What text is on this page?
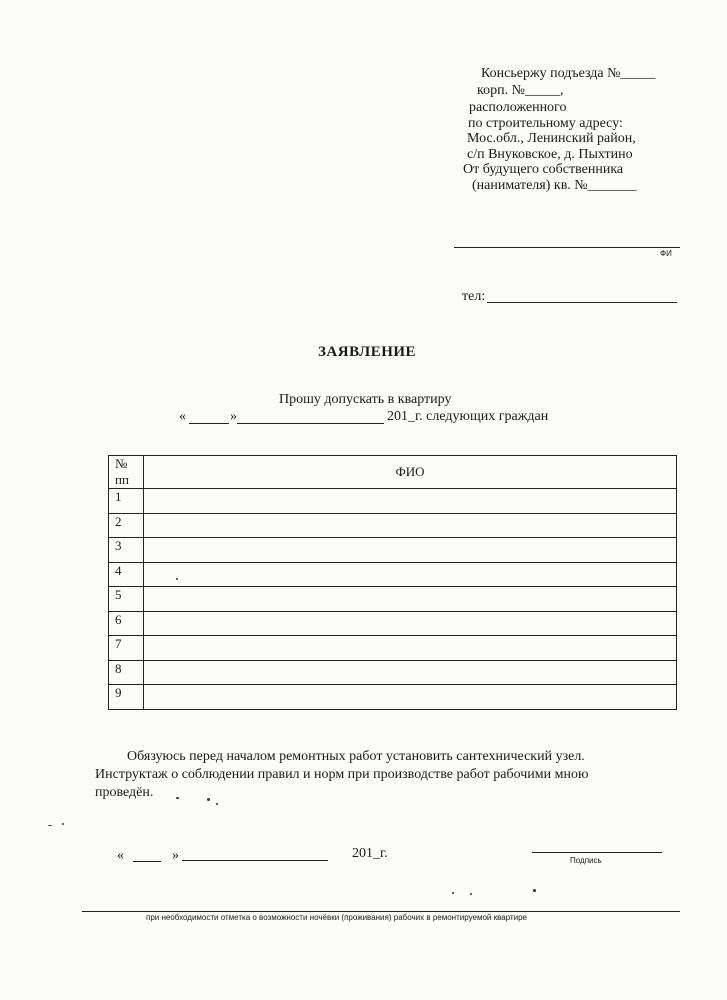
Консьержу подъезда №_____
корп. №_____,
расположенного
по строительному адресу:
Мос.обл., Ленинский район,
с/п Внуковское, д. Пыхтино
От будущего собственника
(нанимателя) кв. №_______
ФИ
тел:
ЗАЯВЛЕНИЕ
Прошу допускать в квартиру
«	»	201_г. следующих граждан
№
пп	ФИО
1	
2	
3	
4	
5	
6	
7	
8	
9	
Обязуюсь перед началом ремонтных работ установить сантехнический узел.
Инструктаж о соблюдении правил и норм при производстве работ рабочими мною
проведён.
«	»	201_г.	Подпись
при необходимости отметка о возможности ночёвки (проживания) рабочих в ремонтируемой квартире
